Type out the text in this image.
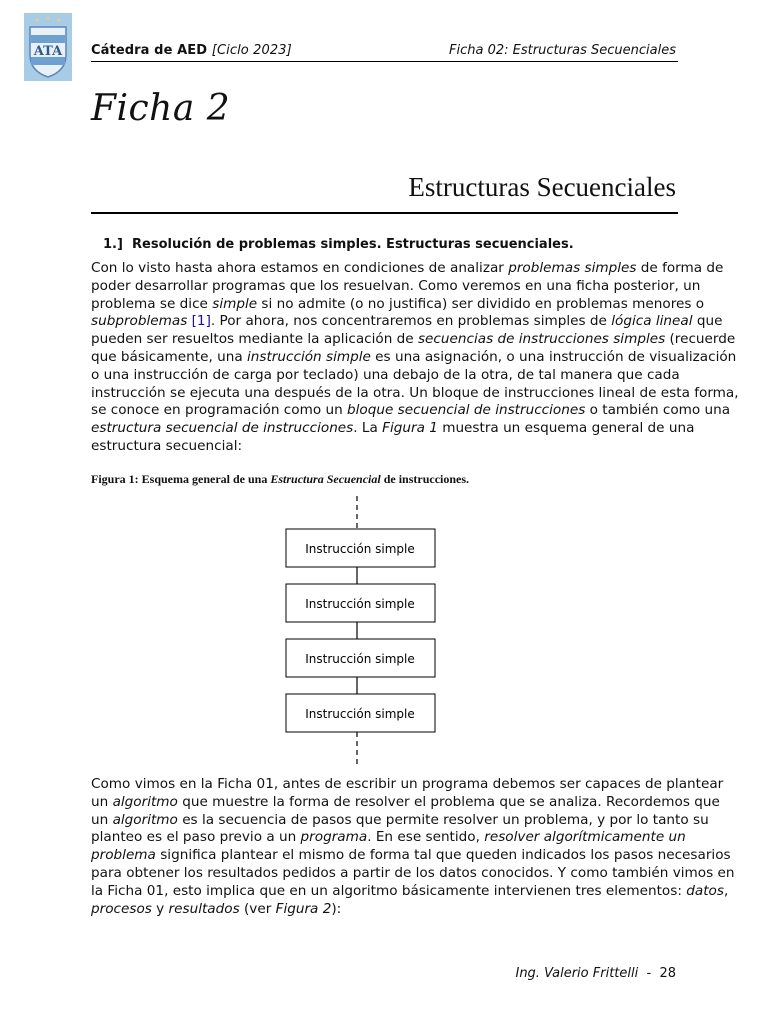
ATA Cátedra de AED [Ciclo 2023]	Ficha 02: Estructuras Secuenciales
Ficha 2
Estructuras Secuenciales
1.] Resolución de problemas simples. Estructuras secuenciales.
Con lo visto hasta ahora estamos en condiciones de analizar problemas simples de forma de
poder desarrollar programas que los resuelvan. Como veremos en una ficha posterior, un
problema se dice simple si no admite (o no justifica) ser dividido en problemas menores o
subproblemas [1]. Por ahora, nos concentraremos en problemas simples de lógica lineal que
pueden ser resueltos mediante la aplicación de secuencias de instrucciones simples (recuerde
que básicamente, una instrucción simple es una asignación, o una instrucción de visualización
o una instrucción de carga por teclado) una debajo de la otra, de tal manera que cada
instrucción se ejecuta una después de la otra. Un bloque de instrucciones lineal de esta forma,
se conoce en programación como un bloque secuencial de instrucciones o también como una
estructura secuencial de instrucciones. La Figura 1 muestra un esquema general de una
estructura secuencial:
Figura 1: Esquema general de una Estructura Secuencial de instrucciones.
Instrucción simple
Instrucción simple
Instrucción simple
Instrucción simple
Como vimos en la Ficha 01, antes de escribir un programa debemos ser capaces de plantear
un algoritmo que muestre la forma de resolver el problema que se analiza. Recordemos que
un algoritmo es la secuencia de pasos que permite resolver un problema, y por lo tanto su
planteo es el paso previo a un programa. En ese sentido, resolver algorítmicamente un
problema significa plantear el mismo de forma tal que queden indicados los pasos necesarios
para obtener los resultados pedidos a partir de los datos conocidos. Y como también vimos en
la Ficha 01, esto implica que en un algoritmo básicamente intervienen tres elementos: datos,
procesos y resultados (ver Figura 2):
Ing. Valerio Frittelli  -  28
